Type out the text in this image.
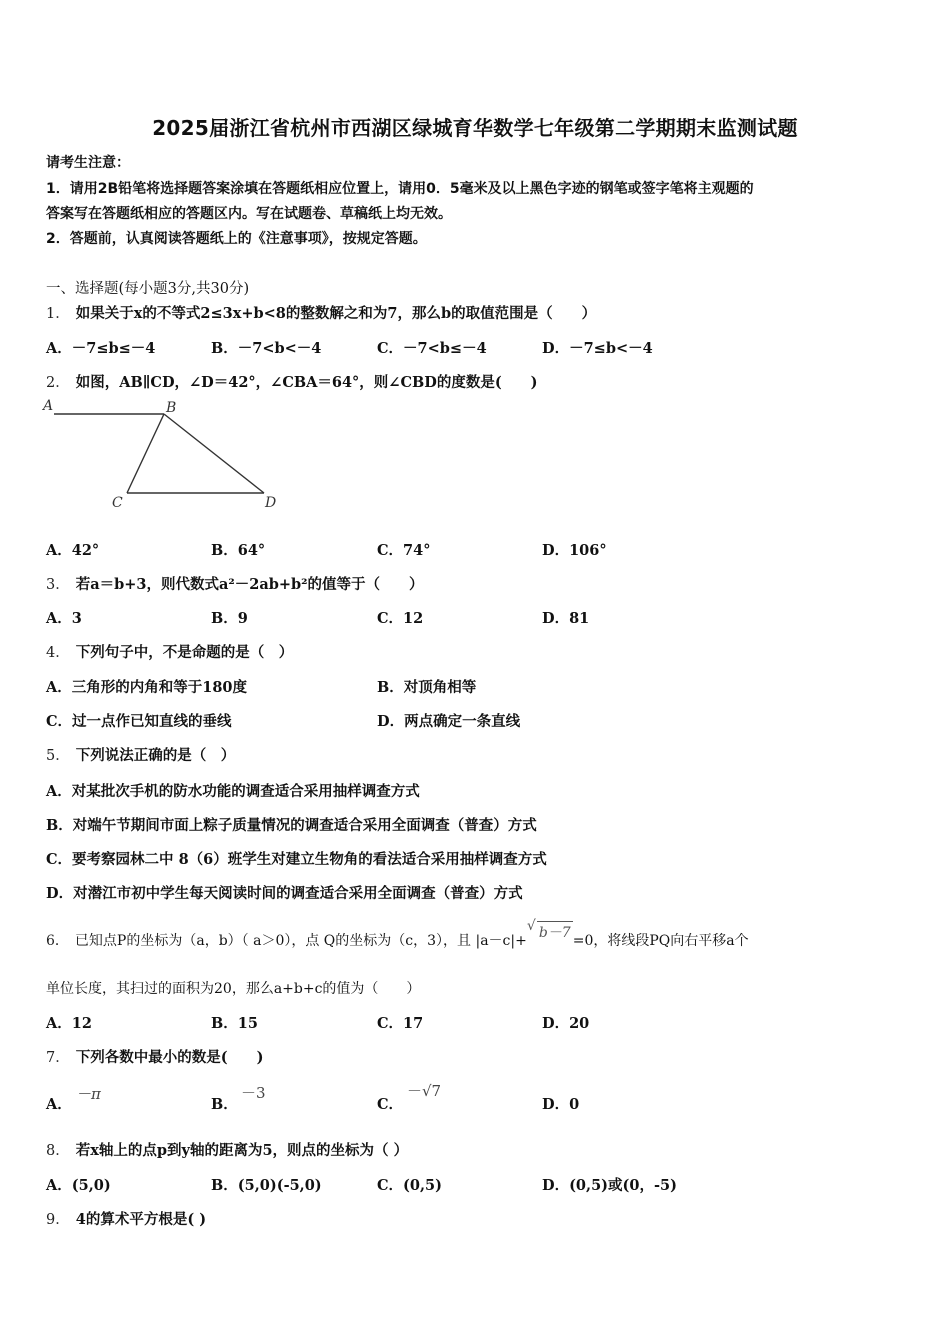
2025届浙江省杭州市西湖区绿城育华数学七年级第二学期期末监测试题
请考生注意：
1．请用2B铅笔将选择题答案涂填在答题纸相应位置上，请用0．5毫米及以上黑色字迹的钢笔或签字笔将主观题的
答案写在答题纸相应的答题区内。写在试题卷、草稿纸上均无效。
2．答题前，认真阅读答题纸上的《注意事项》，按规定答题。
一、选择题(每小题3分,共30分)
1． 如果关于x的不等式2≤3x+b<8的整数解之和为7，那么b的取值范围是（　　）
A．－7≤b≤－4	B．－7<b<－4	C．－7<b≤－4	D．－7≤b<－4
2． 如图，AB∥CD，∠D＝42°，∠CBA＝64°，则∠CBD的度数是(　　)
A	B
C	D
A．42°	B．64°	C．74°	D．106°
3． 若a＝b+3，则代数式a²－2ab+b²的值等于（　　）
A．3	B．9	C．12	D．81
4． 下列句子中，不是命题的是（　）
A．三角形的内角和等于180度	B．对顶角相等
C．过一点作已知直线的垂线	D．两点确定一条直线
5． 下列说法正确的是（　）
A．对某批次手机的防水功能的调查适合采用抽样调查方式
B．对端午节期间市面上粽子质量情况的调查适合采用全面调查（普查）方式
C．要考察园林二中 8（6）班学生对建立生物角的看法适合采用抽样调查方式
D．对潜江市初中学生每天阅读时间的调查适合采用全面调查（普查）方式
6． 已知点P的坐标为（a，b）（ a＞0），点 Q的坐标为（c，3），且 |a－c|+
√ b－7 =0，将线段PQ向右平移a个
单位长度，其扫过的面积为20，那么a+b+c的值为（　　）
A．12	B．15	C．17	D．20
7． 下列各数中最小的数是(　　)
A．
－π
B．
－3
C．
－√7
D．0
8． 若x轴上的点p到y轴的距离为5，则点的坐标为（ ）
A．(5,0)	B．(5,0)(-5,0)	C．(0,5)	D．(0,5)或(0，-5)
9． 4的算术平方根是( )
